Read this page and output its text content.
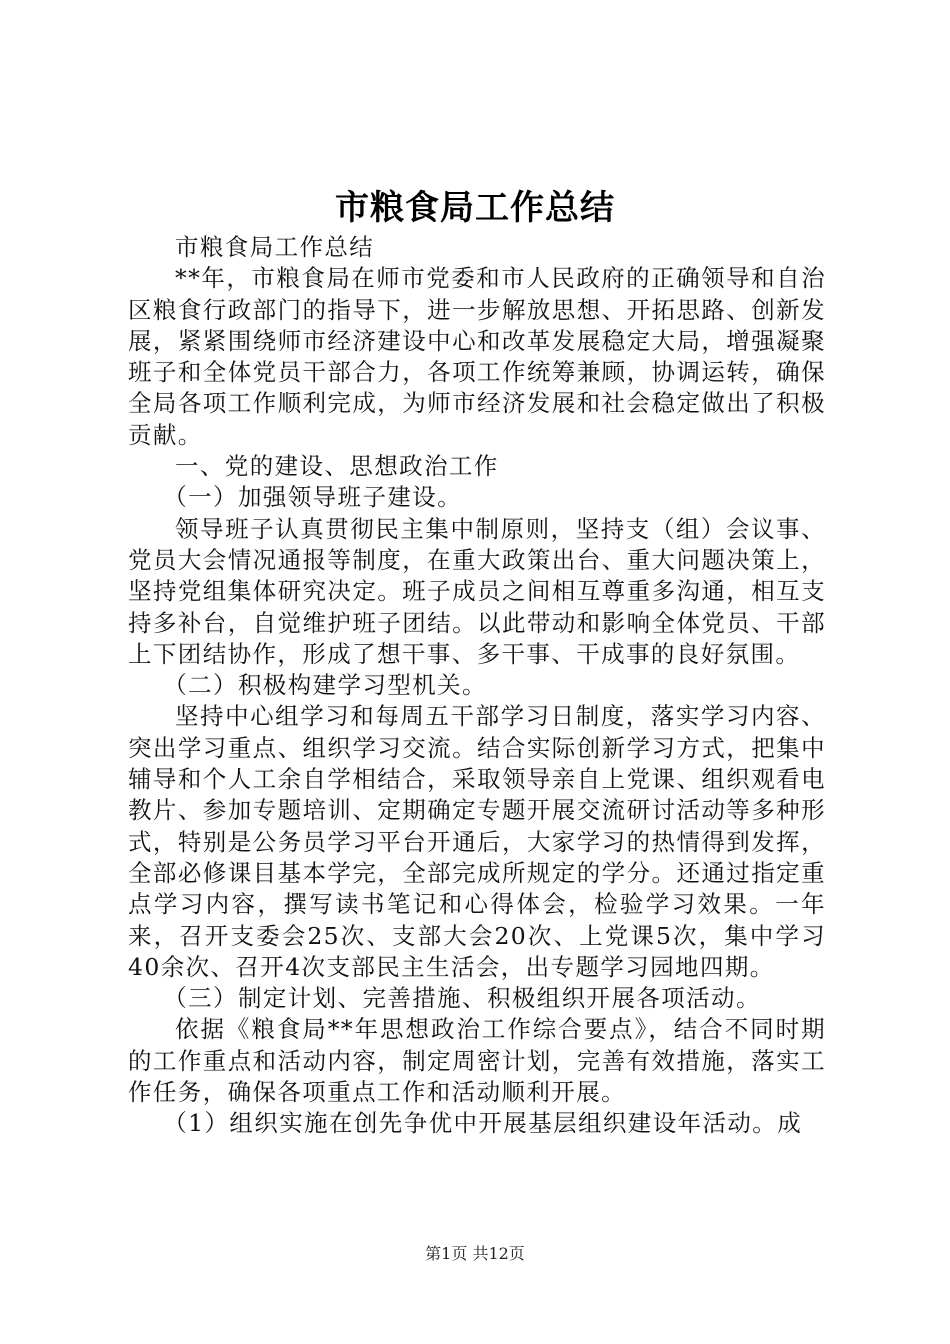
市粮食局工作总结

市粮食局工作总结

**年，市粮食局在师市党委和市人民政府的正确领导和自治区粮食行政部门的指导下，进一步解放思想、开拓思路、创新发展，紧紧围绕师市经济建设中心和改革发展稳定大局，增强凝聚班子和全体党员干部合力，各项工作统筹兼顾，协调运转，确保全局各项工作顺利完成，为师市经济发展和社会稳定做出了积极贡献。

一、党的建设、思想政治工作

（一）加强领导班子建设。

领导班子认真贯彻民主集中制原则，坚持支（组）会议事、党员大会情况通报等制度，在重大政策出台、重大问题决策上，坚持党组集体研究决定。班子成员之间相互尊重多沟通，相互支持多补台，自觉维护班子团结。以此带动和影响全体党员、干部上下团结协作，形成了想干事、多干事、干成事的良好氛围。

（二）积极构建学习型机关。

坚持中心组学习和每周五干部学习日制度，落实学习内容、突出学习重点、组织学习交流。结合实际创新学习方式，把集中辅导和个人工余自学相结合，采取领导亲自上党课、组织观看电教片、参加专题培训、定期确定专题开展交流研讨活动等多种形式，特别是公务员学习平台开通后，大家学习的热情得到发挥，全部必修课目基本学完，全部完成所规定的学分。还通过指定重点学习内容，撰写读书笔记和心得体会，检验学习效果。一年来，召开支委会25次、支部大会20次、上党课5次，集中学习40余次、召开4次支部民主生活会，出专题学习园地四期。

（三）制定计划、完善措施、积极组织开展各项活动。

依据《粮食局**年思想政治工作综合要点》，结合不同时期的工作重点和活动内容，制定周密计划，完善有效措施，落实工作任务，确保各项重点工作和活动顺利开展。

（1）组织实施在创先争优中开展基层组织建设年活动。成

第1页 共12页
